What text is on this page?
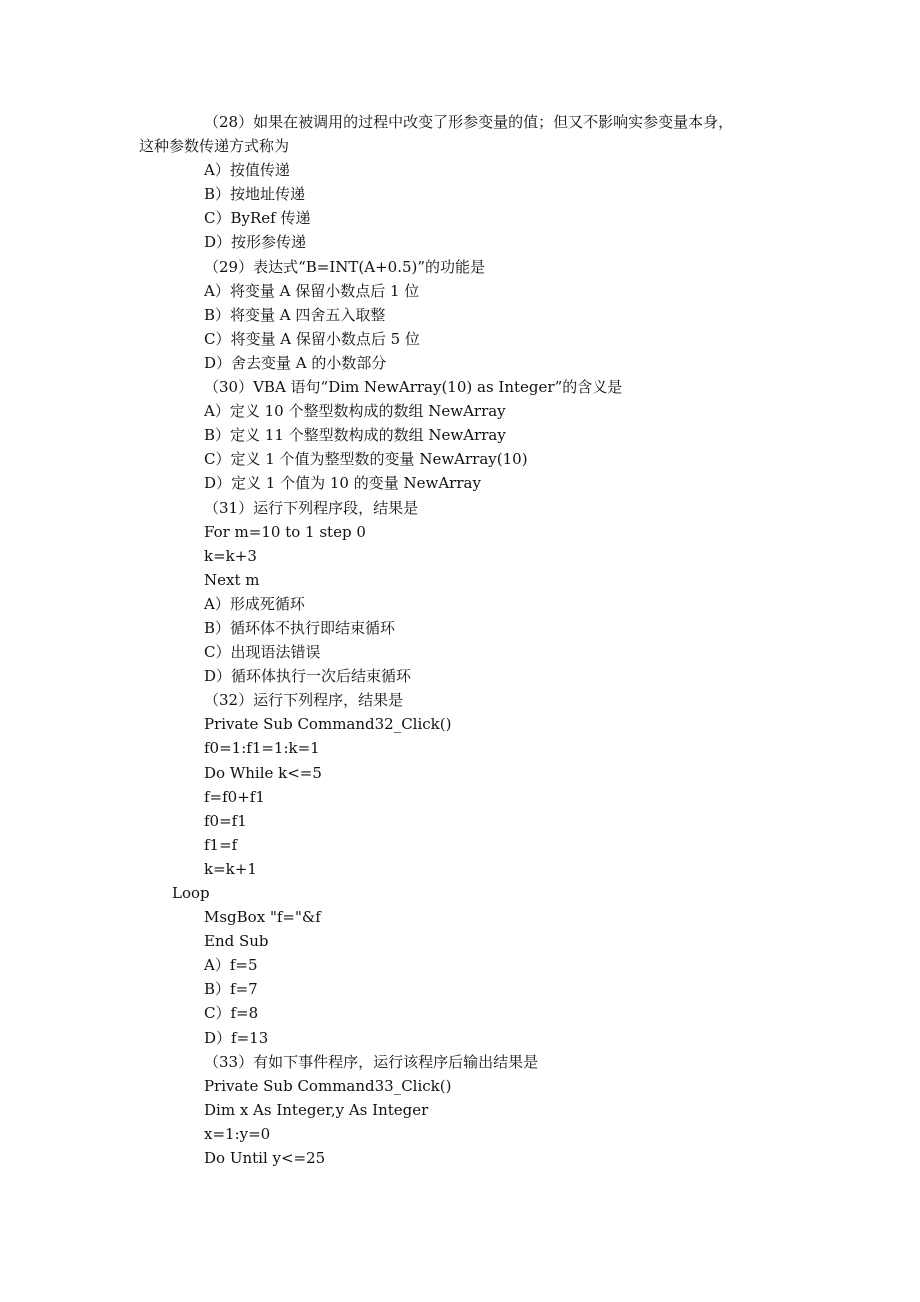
（28）如果在被调用的过程中改变了形参变量的值；但又不影响实参变量本身，
这种参数传递方式称为
A）按值传递
B）按地址传递
C）ByRef 传递
D）按形参传递
（29）表达式“B=INT(A+0.5)”的功能是
A）将变量 A 保留小数点后 1 位
B）将变量 A 四舍五入取整
C）将变量 A 保留小数点后 5 位
D）舍去变量 A 的小数部分
（30）VBA 语句“Dim NewArray(10) as Integer”的含义是
A）定义 10 个整型数构成的数组 NewArray
B）定义 11 个整型数构成的数组 NewArray
C）定义 1 个值为整型数的变量 NewArray(10)
D）定义 1 个值为 10 的变量 NewArray
（31）运行下列程序段，结果是
For m=10 to 1 step 0
k=k+3
Next m
A）形成死循环
B）循环体不执行即结束循环
C）出现语法错误
D）循环体执行一次后结束循环
（32）运行下列程序，结果是
Private Sub Command32_Click()
f0=1:f1=1:k=1
Do While k<=5
f=f0+f1
f0=f1
f1=f
k=k+1
Loop
MsgBox "f="&f
End Sub
A）f=5
B）f=7
C）f=8
D）f=13
（33）有如下事件程序，运行该程序后输出结果是
Private Sub Command33_Click()
Dim x As Integer,y As Integer
x=1:y=0
Do Until y<=25
